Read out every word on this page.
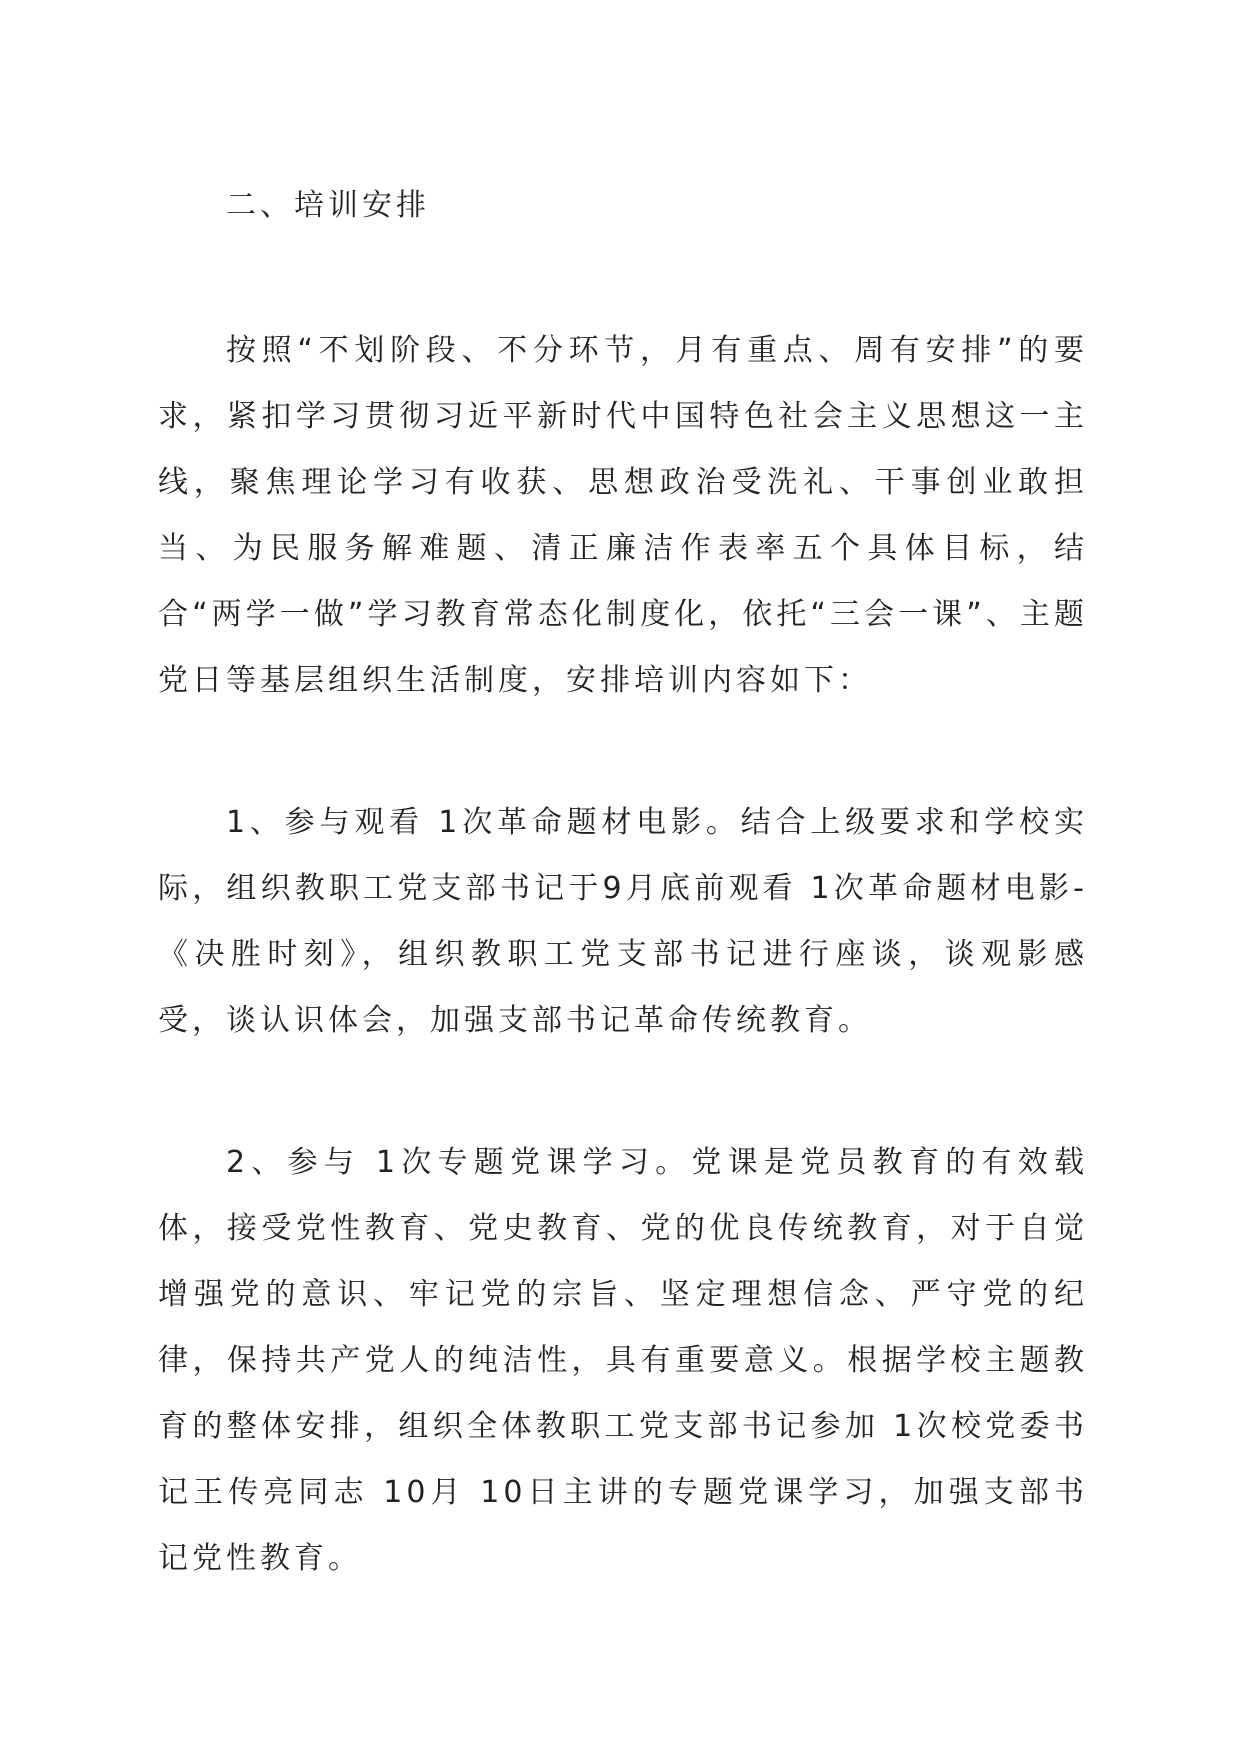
二、培训安排

按照“不划阶段、不分环节，月有重点、周有安排”的要求，紧扣学习贯彻习近平新时代中国特色社会主义思想这一主线，聚焦理论学习有收获、思想政治受洗礼、干事创业敢担当、为民服务解难题、清正廉洁作表率五个具体目标，结合“两学一做”学习教育常态化制度化，依托“三会一课”、主题党日等基层组织生活制度，安排培训内容如下：

1、参与观看 1次革命题材电影。结合上级要求和学校实际，组织教职工党支部书记于9月底前观看 1次革命题材电影-《决胜时刻》，组织教职工党支部书记进行座谈，谈观影感受，谈认识体会，加强支部书记革命传统教育。

2、参与 1次专题党课学习。党课是党员教育的有效载体，接受党性教育、党史教育、党的优良传统教育，对于自觉增强党的意识、牢记党的宗旨、坚定理想信念、严守党的纪律，保持共产党人的纯洁性，具有重要意义。根据学校主题教育的整体安排，组织全体教职工党支部书记参加 1次校党委书记王传亮同志 10月 10日主讲的专题党课学习，加强支部书记党性教育。
